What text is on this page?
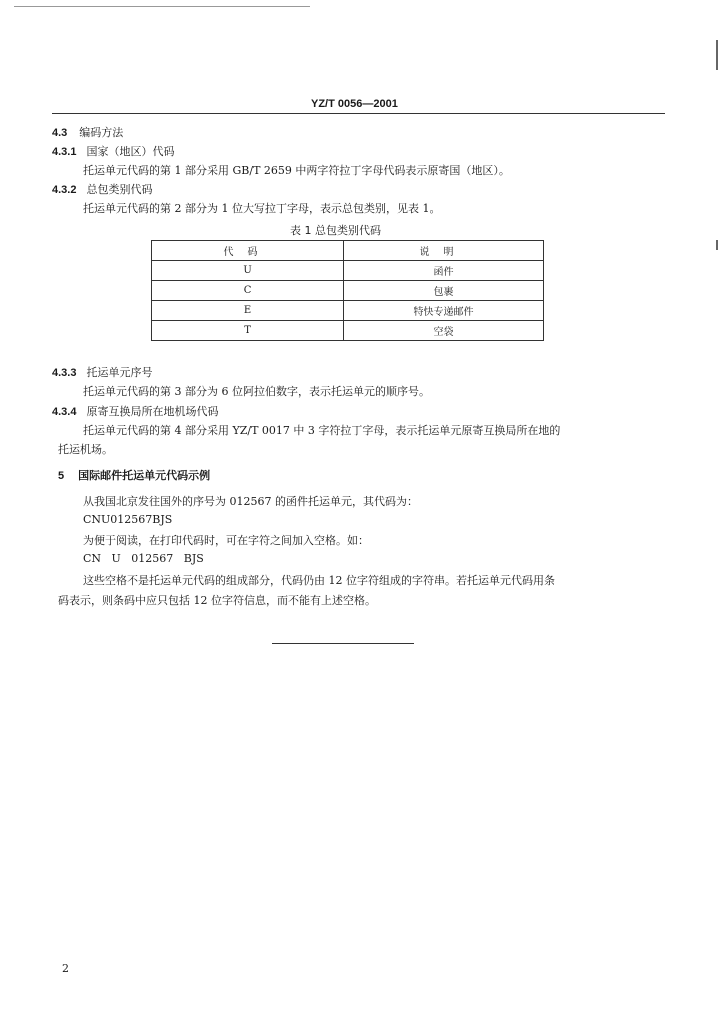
YZ/T 0056—2001
4.3 编码方法
4.3.1 国家（地区）代码
托运单元代码的第 1 部分采用 GB/T 2659 中两字符拉丁字母代码表示原寄国（地区）。
4.3.2 总包类别代码
托运单元代码的第 2 部分为 1 位大写拉丁字母，表示总包类别，见表 1。
表 1 总包类别代码
代码	说明
U	函件
C	包裹
E	特快专递邮件
T	空袋
4.3.3 托运单元序号
托运单元代码的第 3 部分为 6 位阿拉伯数字，表示托运单元的顺序号。
4.3.4 原寄互换局所在地机场代码
托运单元代码的第 4 部分采用 YZ/T 0017 中 3 字符拉丁字母，表示托运单元原寄互换局所在地的
托运机场。
5 国际邮件托运单元代码示例
从我国北京发往国外的序号为 012567 的函件托运单元，其代码为：
CNU012567BJS
为便于阅读，在打印代码时，可在字符之间加入空格。如：
CN   U   012567   BJS
这些空格不是托运单元代码的组成部分，代码仍由 12 位字符组成的字符串。若托运单元代码用条
码表示，则条码中应只包括 12 位字符信息，而不能有上述空格。
2
